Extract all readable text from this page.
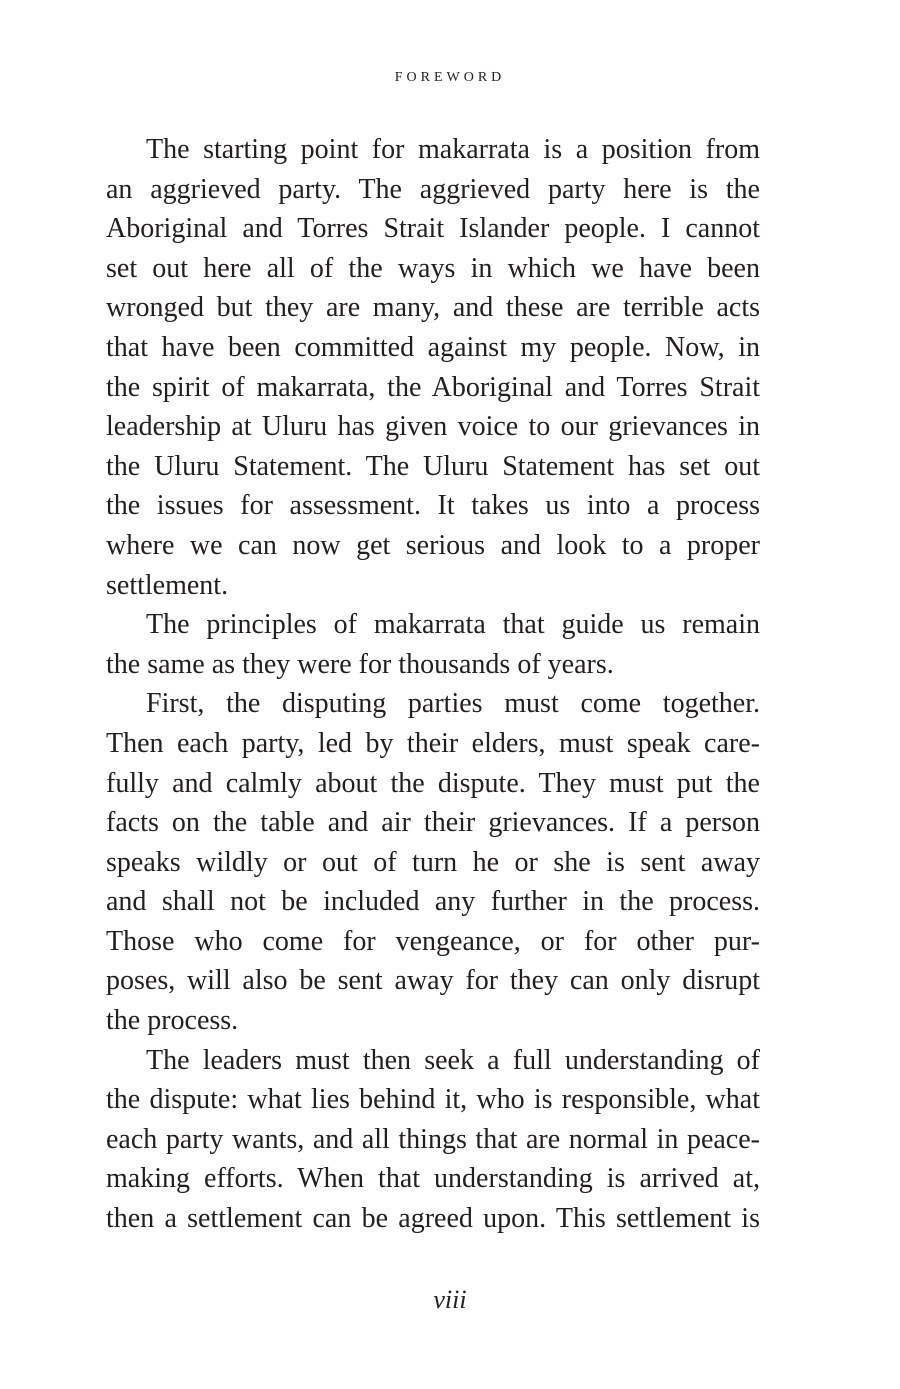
FOREWORD
The starting point for makarrata is a position from
an aggrieved party. The aggrieved party here is the
Aboriginal and Torres Strait Islander people. I cannot
set out here all of the ways in which we have been
wronged but they are many, and these are terrible acts
that have been committed against my people. Now, in
the spirit of makarrata, the Aboriginal and Torres Strait
leadership at Uluru has given voice to our grievances in
the Uluru Statement. The Uluru Statement has set out
the issues for assessment. It takes us into a process
where we can now get serious and look to a proper
settlement.
The principles of makarrata that guide us remain
the same as they were for thousands of years.
First, the disputing parties must come together.
Then each party, led by their elders, must speak care-
fully and calmly about the dispute. They must put the
facts on the table and air their grievances. If a person
speaks wildly or out of turn he or she is sent away
and shall not be included any further in the process.
Those who come for vengeance, or for other pur-
poses, will also be sent away for they can only disrupt
the process.
The leaders must then seek a full understanding of
the dispute: what lies behind it, who is responsible, what
each party wants, and all things that are normal in peace-
making efforts. When that understanding is arrived at,
then a settlement can be agreed upon. This settlement is
viii
